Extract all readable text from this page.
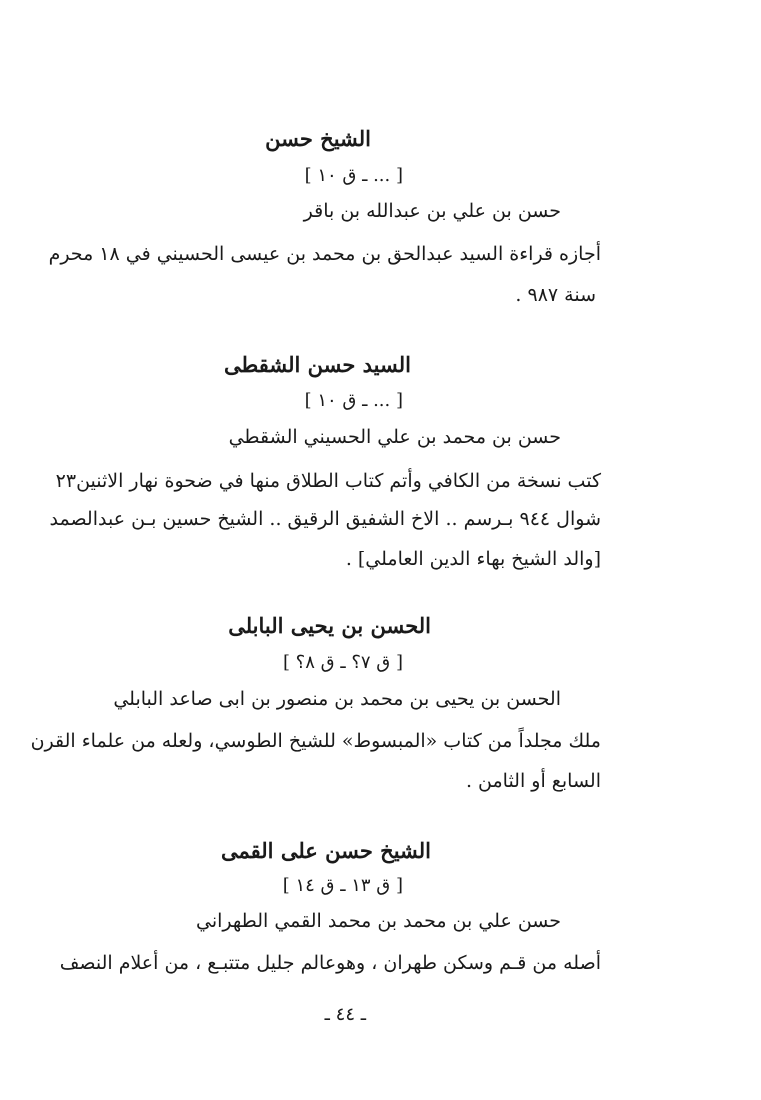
الشيخ حسن
[ ... ـ ق ١٠ ]
حسن بن علي بن عبدالله بن باقر
أجازه قراءة السيد عبدالحق بن محمد بن عيسى الحسيني في ١٨ محرم
سنة ٩٨٧ .
السيد حسن الشقطى
[ ... ـ ق ١٠ ]
حسن بن محمد بن علي الحسيني الشقطي
كتب نسخة من الكافي وأتم كتاب الطلاق منها في ضحوة نهار الاثنين٢٣
شوال ٩٤٤ بـرسم .. الاخ الشفيق الرقيق .. الشيخ حسين بـن عبدالصمد
[والد الشيخ بهاء الدين العاملي] .
الحسن بن يحيى البابلى
[ ق ٧؟ ـ ق ٨؟ ]
الحسن بن يحيى بن محمد بن منصور بن ابى صاعد البابلي
ملك مجلداً من كتاب «المبسوط» للشيخ الطوسي، ولعله من علماء القرن
السابع أو الثامن .
الشيخ حسن على القمى
[ ق ١٣ ـ ق ١٤ ]
حسن علي بن محمد بن محمد القمي الطهراني
أصله من قـم وسكن طهران ، وهوعالم جليل متتبـع ، من أعلام النصف
ـ ٤٤ ـ
